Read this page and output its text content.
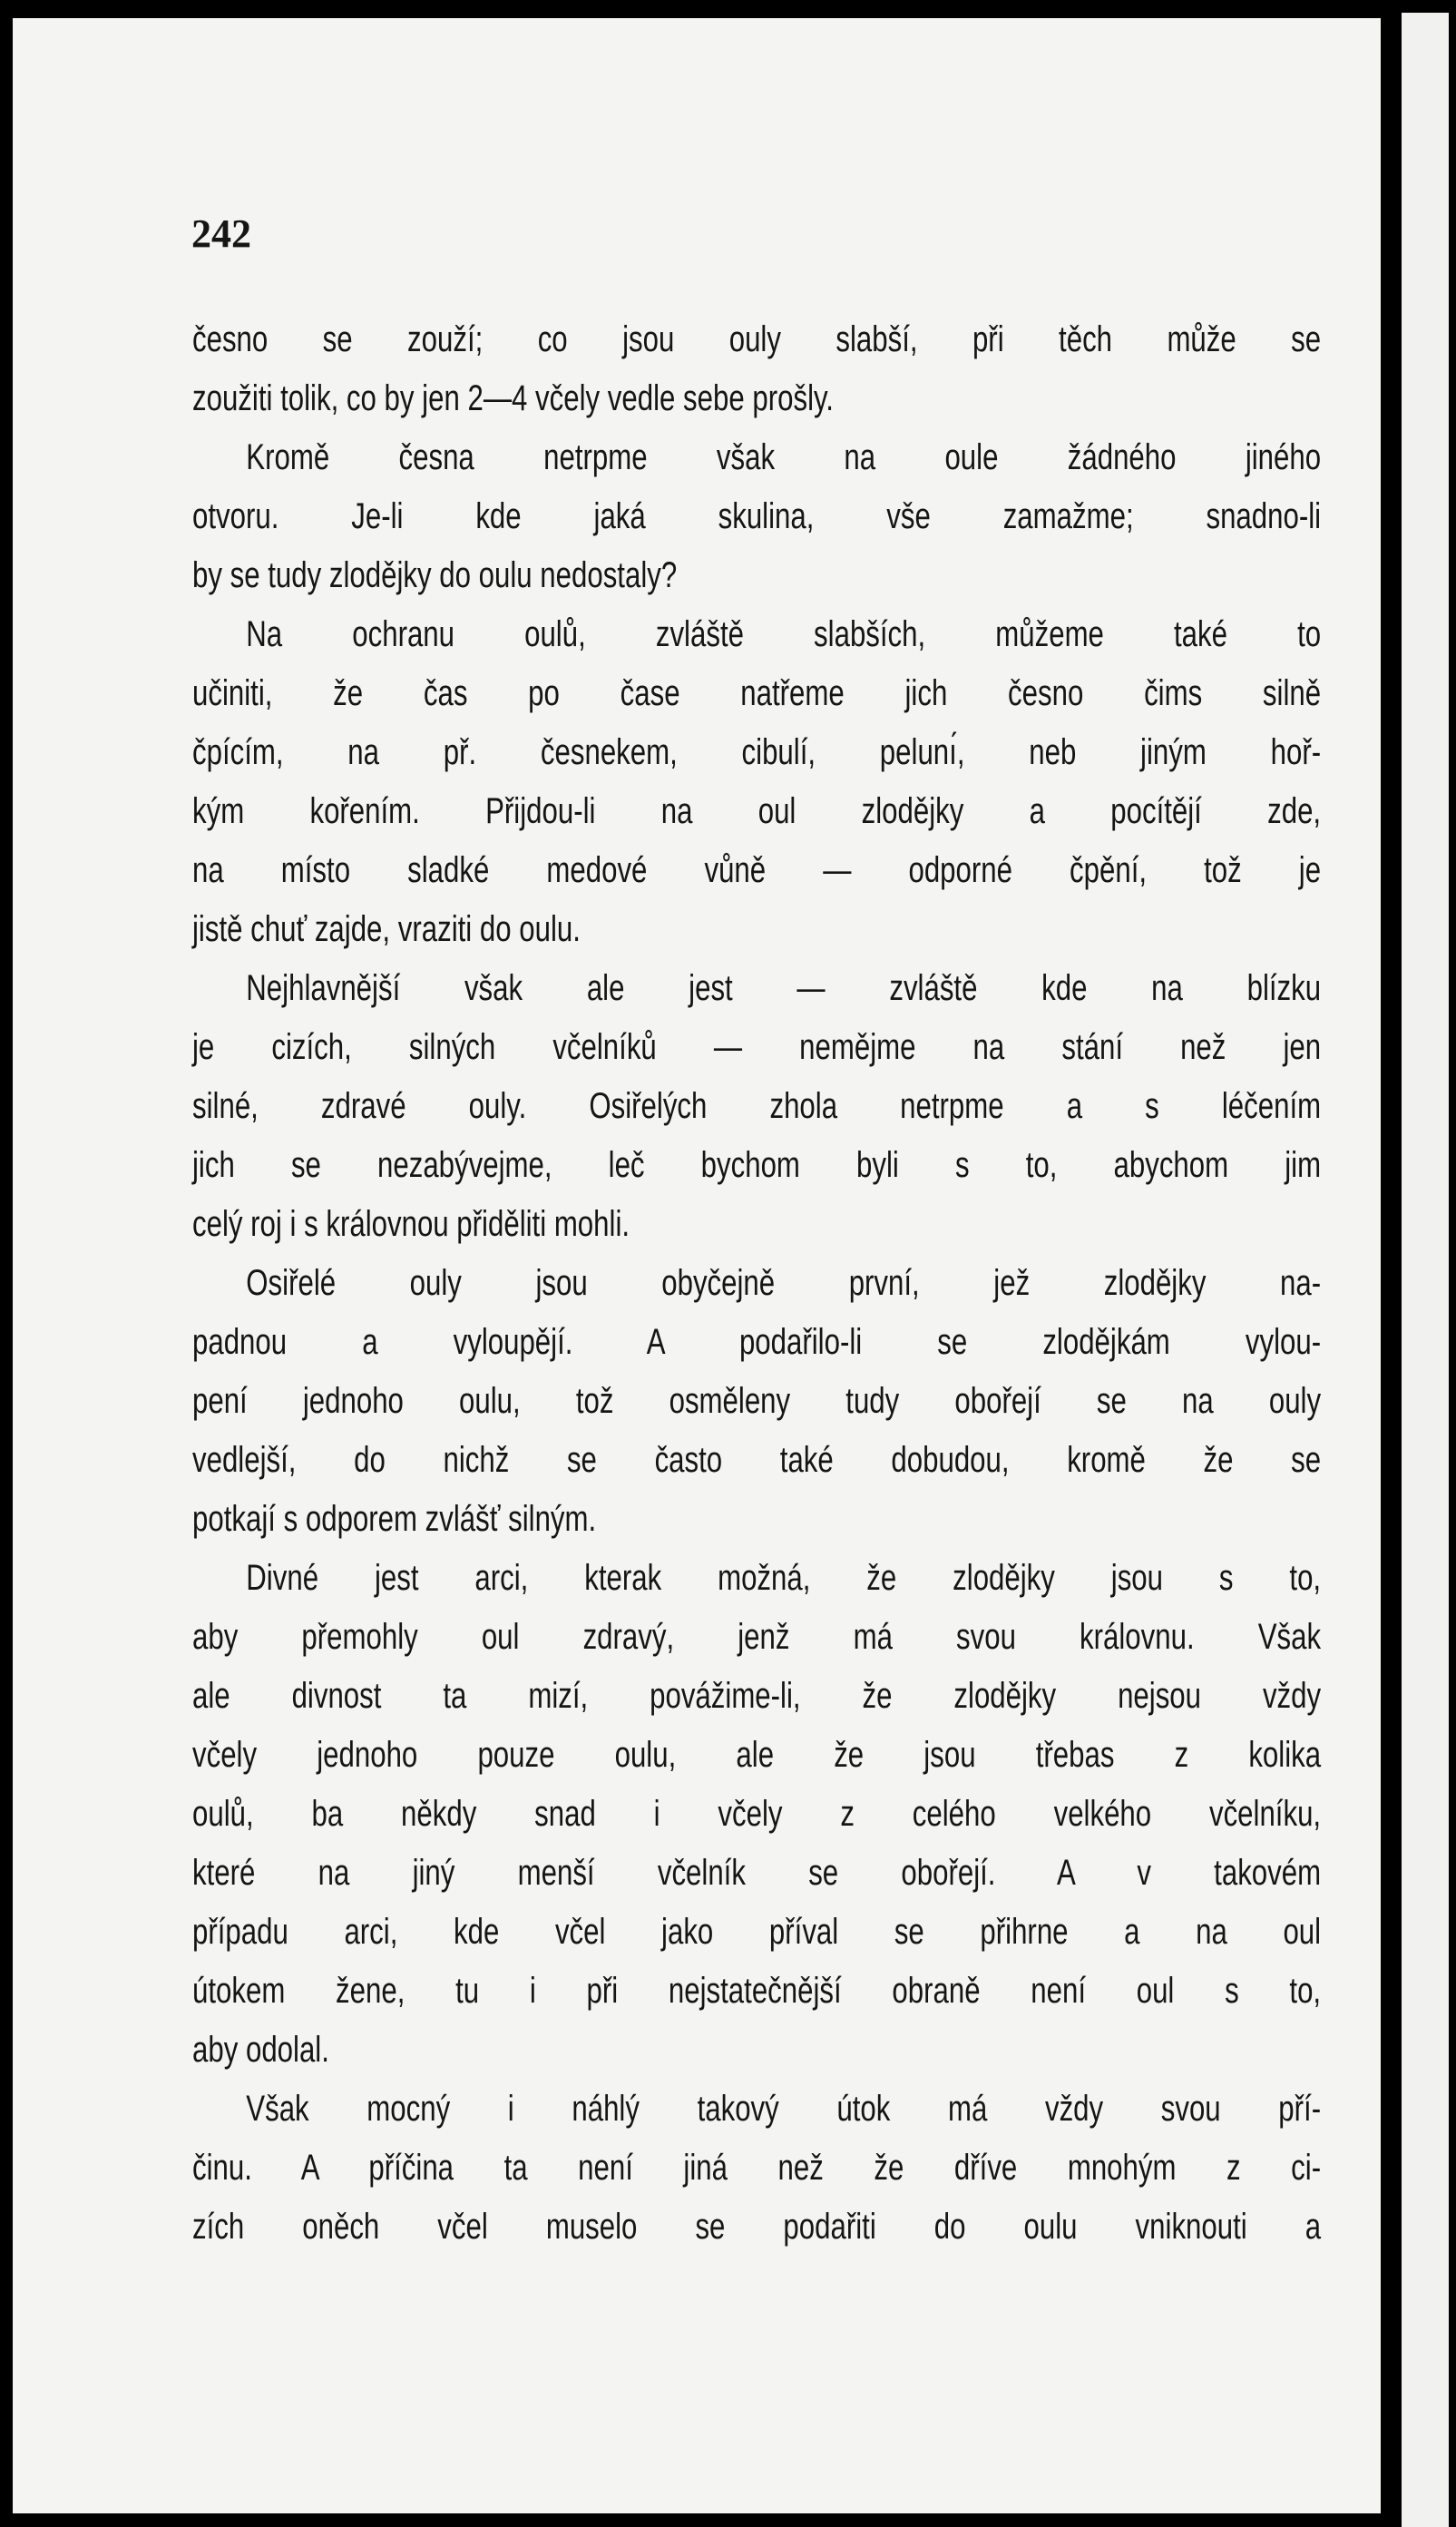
242

česno se zouží; co jsou ouly slabší, při těch může se
zoužiti tolik, co by jen 2—4 včely vedle sebe prošly.
Kromě česna netrpme však na oule žádného jiného
otvoru. Je-li kde jaká skulina, vše zamažme; snadno-li
by se tudy zlodějky do oulu nedostaly?
Na ochranu oulů, zvláště slabších, můžeme také to
učiniti, že čas po čase natřeme jich česno čims silně
čpícím, na př. česnekem, cibulí, pelunı́, neb jiným hoř-
kým kořením. Přijdou-li na oul zlodějky a pocítějí zde,
na místo sladké medové vůně — odporné čpění, tož je
jistě chuť zajde, vraziti do oulu.
Nejhlavnější však ale jest — zvláště kde na blízku
je cizích, silných včelníků — nemějme na stání než jen
silné, zdravé ouly. Osiřelých zhola netrpme a s léčením
jich se nezabývejme, leč bychom byli s to, abychom jim
celý roj i s královnou přiděliti mohli.
Osiřelé ouly jsou obyčejně první, jež zlodějky na-
padnou a vyloupějí. A podařilo-li se zlodějkám vylou-
pení jednoho oulu, tož osměleny tudy obořejí se na ouly
vedlejší, do nichž se často také dobudou, kromě že se
potkají s odporem zvlášť silným.
Divné jest arci, kterak možná, že zlodějky jsou s to,
aby přemohly oul zdravý, jenž má svou královnu. Však
ale divnost ta mizí, povážime-li, že zlodějky nejsou vždy
včely jednoho pouze oulu, ale že jsou třebas z kolika
oulů, ba někdy snad i včely z celého velkého včelníku,
které na jiný menší včelník se obořejí. A v takovém
případu arci, kde včel jako příval se přihrne a na oul
útokem žene, tu i při nejstatečnější obraně není oul s to,
aby odolal.
Však mocný i náhlý takový útok má vždy svou pří-
činu. A příčina ta není jiná než že dříve mnohým z ci-
zích oněch včel muselo se podařiti do oulu vniknouti a
